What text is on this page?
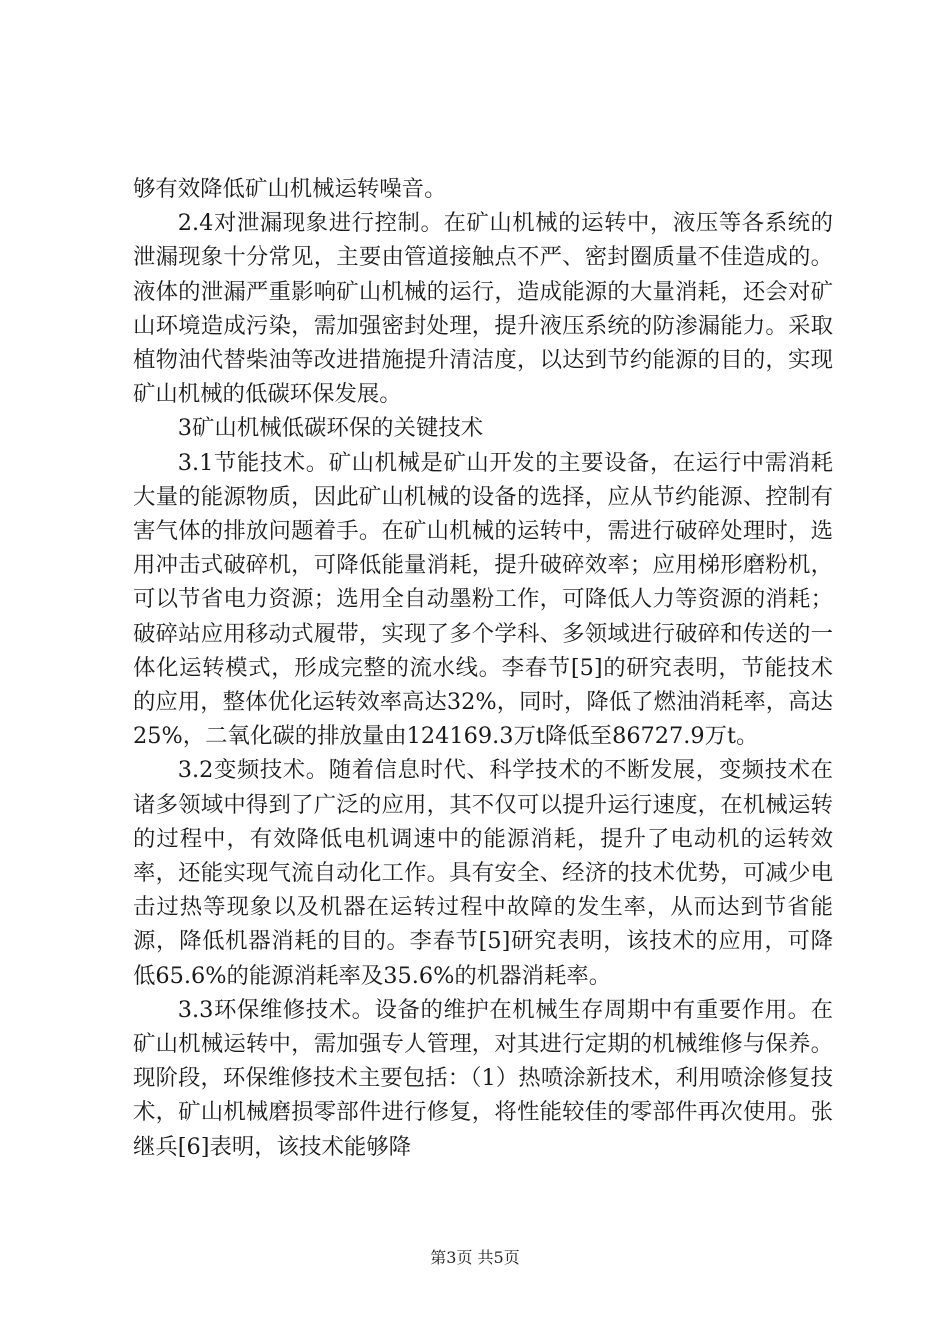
够有效降低矿山机械运转噪音。

2.4对泄漏现象进行控制。在矿山机械的运转中，液压等各系统的泄漏现象十分常见，主要由管道接触点不严、密封圈质量不佳造成的。液体的泄漏严重影响矿山机械的运行，造成能源的大量消耗，还会对矿山环境造成污染，需加强密封处理，提升液压系统的防渗漏能力。采取植物油代替柴油等改进措施提升清洁度，以达到节约能源的目的，实现矿山机械的低碳环保发展。

3矿山机械低碳环保的关键技术

3.1节能技术。矿山机械是矿山开发的主要设备，在运行中需消耗大量的能源物质，因此矿山机械的设备的选择，应从节约能源、控制有害气体的排放问题着手。在矿山机械的运转中，需进行破碎处理时，选用冲击式破碎机，可降低能量消耗，提升破碎效率；应用梯形磨粉机，可以节省电力资源；选用全自动墨粉工作，可降低人力等资源的消耗；破碎站应用移动式履带，实现了多个学科、多领域进行破碎和传送的一体化运转模式，形成完整的流水线。李春节[5]的研究表明，节能技术的应用，整体优化运转效率高达32%，同时，降低了燃油消耗率，高达25%，二氧化碳的排放量由124169.3万t降低至86727.9万t。

3.2变频技术。随着信息时代、科学技术的不断发展，变频技术在诸多领域中得到了广泛的应用，其不仅可以提升运行速度，在机械运转的过程中，有效降低电机调速中的能源消耗，提升了电动机的运转效率，还能实现气流自动化工作。具有安全、经济的技术优势，可减少电击过热等现象以及机器在运转过程中故障的发生率，从而达到节省能源，降低机器消耗的目的。李春节[5]研究表明，该技术的应用，可降低65.6%的能源消耗率及35.6%的机器消耗率。

3.3环保维修技术。设备的维护在机械生存周期中有重要作用。在矿山机械运转中，需加强专人管理，对其进行定期的机械维修与保养。现阶段，环保维修技术主要包括：（1）热喷涂新技术，利用喷涂修复技术，矿山机械磨损零部件进行修复，将性能较佳的零部件再次使用。张继兵[6]表明，该技术能够降

第3页 共5页
